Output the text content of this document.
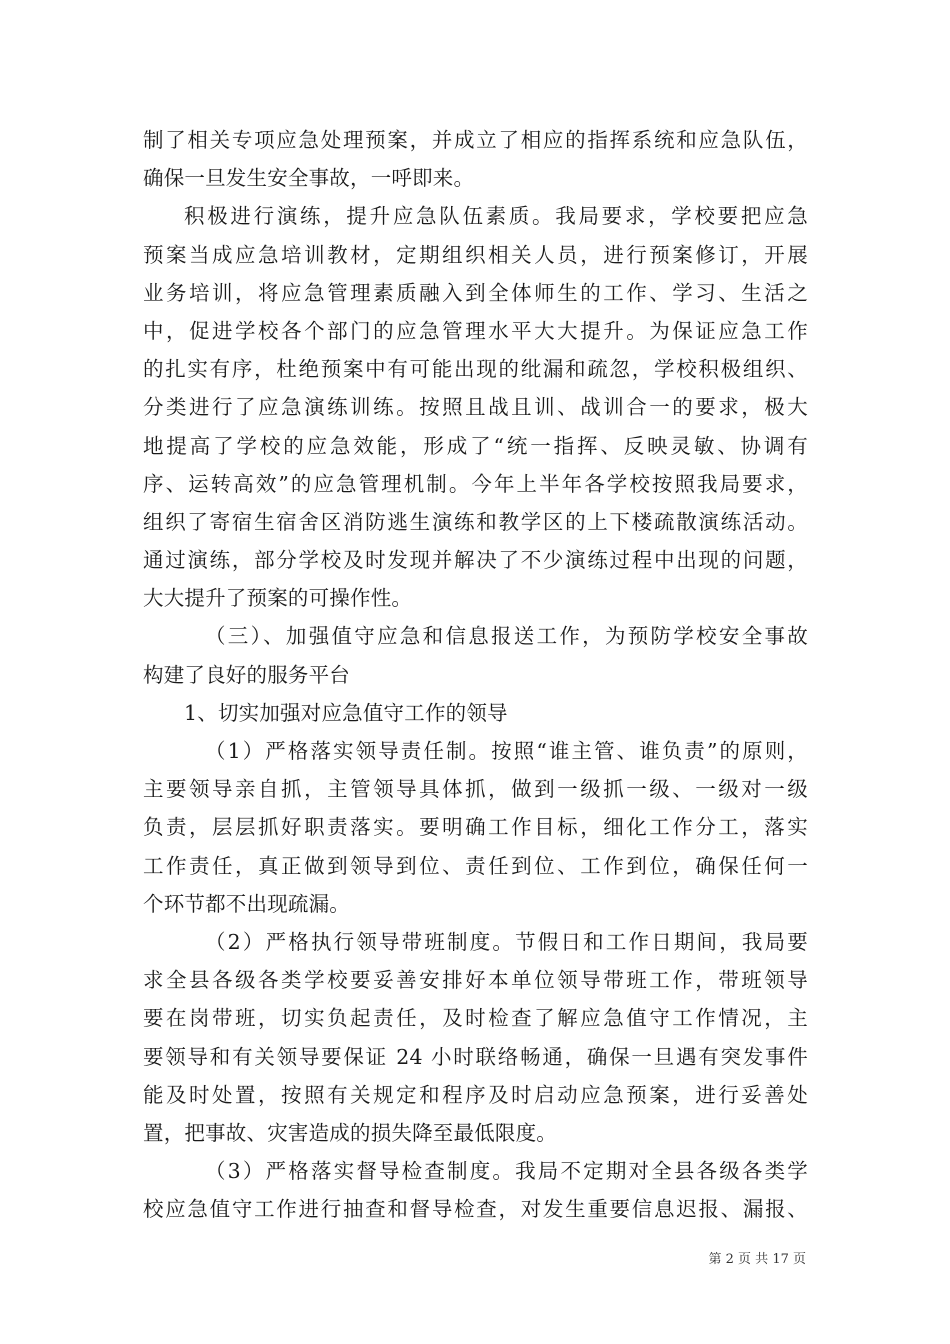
制了相关专项应急处理预案，并成立了相应的指挥系统和应急队伍，
确保一旦发生安全事故，一呼即来。
积极进行演练，提升应急队伍素质。我局要求，学校要把应急
预案当成应急培训教材，定期组织相关人员，进行预案修订，开展
业务培训，将应急管理素质融入到全体师生的工作、学习、生活之
中，促进学校各个部门的应急管理水平大大提升。为保证应急工作
的扎实有序，杜绝预案中有可能出现的纰漏和疏忽，学校积极组织、
分类进行了应急演练训练。按照且战且训、战训合一的要求，极大
地提高了学校的应急效能，形成了“统一指挥、反映灵敏、协调有
序、运转高效”的应急管理机制。今年上半年各学校按照我局要求，
组织了寄宿生宿舍区消防逃生演练和教学区的上下楼疏散演练活动。
通过演练，部分学校及时发现并解决了不少演练过程中出现的问题，
大大提升了预案的可操作性。
（三）、加强值守应急和信息报送工作，为预防学校安全事故
构建了良好的服务平台
1、切实加强对应急值守工作的领导
（1）严格落实领导责任制。按照“谁主管、谁负责”的原则，
主要领导亲自抓，主管领导具体抓，做到一级抓一级、一级对一级
负责，层层抓好职责落实。要明确工作目标，细化工作分工，落实
工作责任，真正做到领导到位、责任到位、工作到位，确保任何一
个环节都不出现疏漏。
（2）严格执行领导带班制度。节假日和工作日期间，我局要
求全县各级各类学校要妥善安排好本单位领导带班工作，带班领导
要在岗带班，切实负起责任，及时检查了解应急值守工作情况，主
要领导和有关领导要保证 24 小时联络畅通，确保一旦遇有突发事件
能及时处置，按照有关规定和程序及时启动应急预案，进行妥善处
置，把事故、灾害造成的损失降至最低限度。
（3）严格落实督导检查制度。我局不定期对全县各级各类学
校应急值守工作进行抽查和督导检查，对发生重要信息迟报、漏报、
第 2 页 共 17 页
